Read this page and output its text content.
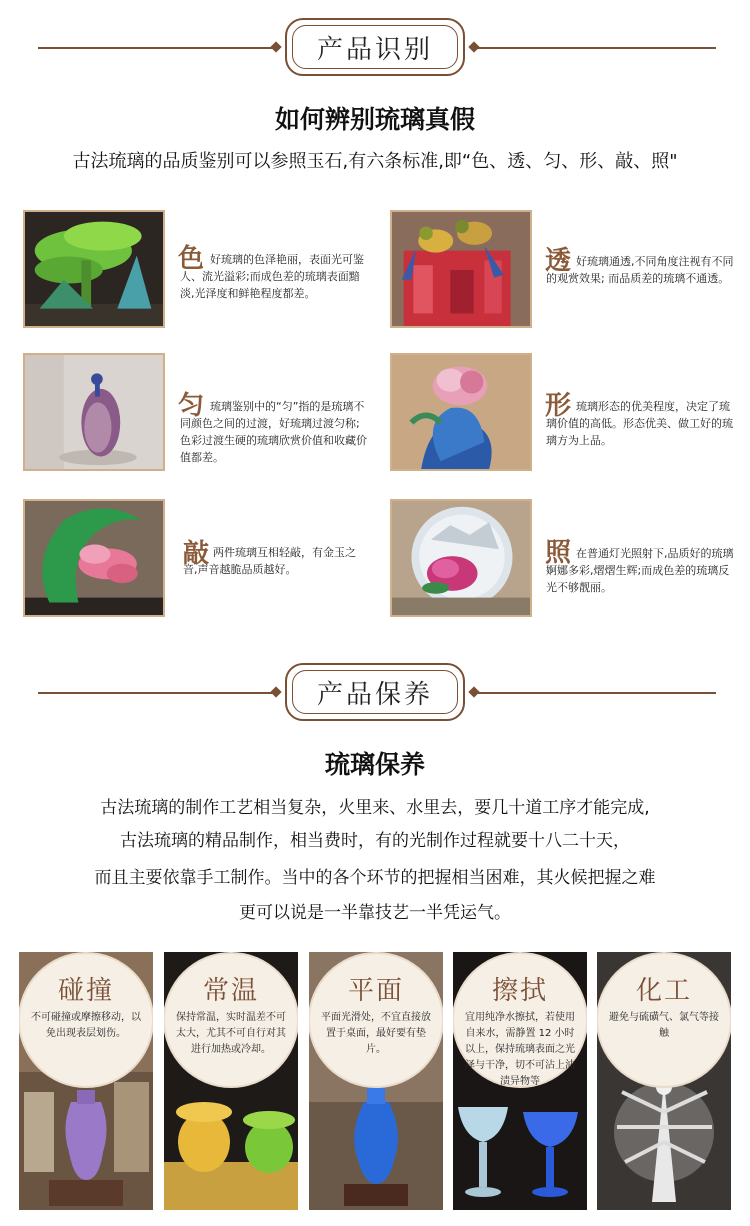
产品识别
如何辨别琉璃真假
古法琉璃的品质鉴别可以参照玉石,有六条标准,即“色、透、匀、形、敲、照"
色 好琉璃的色泽艳丽，表面光可鉴人、流光溢彩;而成色差的琉璃表面黯淡,光泽度和鲜艳程度都差。
透 好琉璃通透,不同角度注视有不同的观赏效果; 而品质差的琉璃不通透。
匀 琉璃鉴别中的“匀”指的是琉璃不同颜色之间的过渡，好琉璃过渡匀称;色彩过渡生硬的琉璃欣赏价值和收藏价值都差。
形 琉璃形态的优美程度，决定了琉璃价值的高低。形态优美、做工好的琉璃方为上品。
敲 两件琉璃互相轻敲，有金玉之音,声音越脆品质越好。
照 在普通灯光照射下,品质好的琉璃婀娜多彩,熠熠生辉;而成色差的琉璃反光不够靓丽。
产品保养
琉璃保养
古法琉璃的制作工艺相当复杂，火里来、水里去，要几十道工序才能完成,
古法琉璃的精品制作，相当费时，有的光制作过程就要十八二十天，
而且主要依靠手工制作。当中的各个环节的把握相当困难，其火候把握之难
更可以说是一半靠技艺一半凭运气。
碰撞
不可碰撞或摩擦移动，以免出现表层划伤。
常温
保持常温，实时温差不可太大，尤其不可自行对其进行加热或冷却。
平面
平面光滑处，不宜直接放置于桌面，最好要有垫片。
擦拭
宜用纯净水擦拭，若使用自来水，需静置 12 小时以上，保持琉璃表面之光泽与干净，切不可沾上油渍异物等
化工
避免与硫磺气、氯气等接触
